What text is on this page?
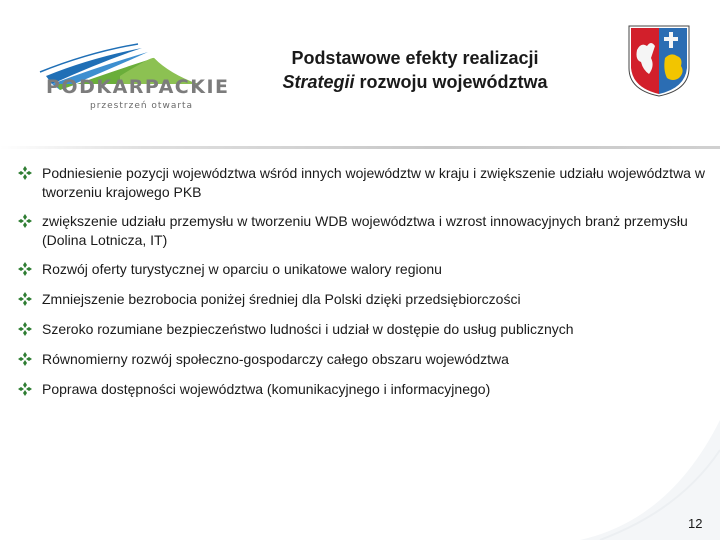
PODKARPACKIE
przestrzeń otwarta
Podstawowe efekty realizacji
Strategii rozwoju województwa
Podniesienie pozycji województwa wśród innych województw w kraju i zwiększenie udziału województwa w tworzeniu krajowego PKB
zwiększenie udziału przemysłu w tworzeniu WDB województwa i wzrost innowacyjnych branż przemysłu (Dolina Lotnicza, IT)
Rozwój oferty turystycznej w oparciu o unikatowe walory regionu
Zmniejszenie bezrobocia poniżej średniej dla Polski dzięki przedsiębiorczości
Szeroko rozumiane bezpieczeństwo ludności i udział w dostępie do usług publicznych
Równomierny rozwój społeczno-gospodarczy całego obszaru województwa
Poprawa dostępności województwa (komunikacyjnego i informacyjnego)
12
